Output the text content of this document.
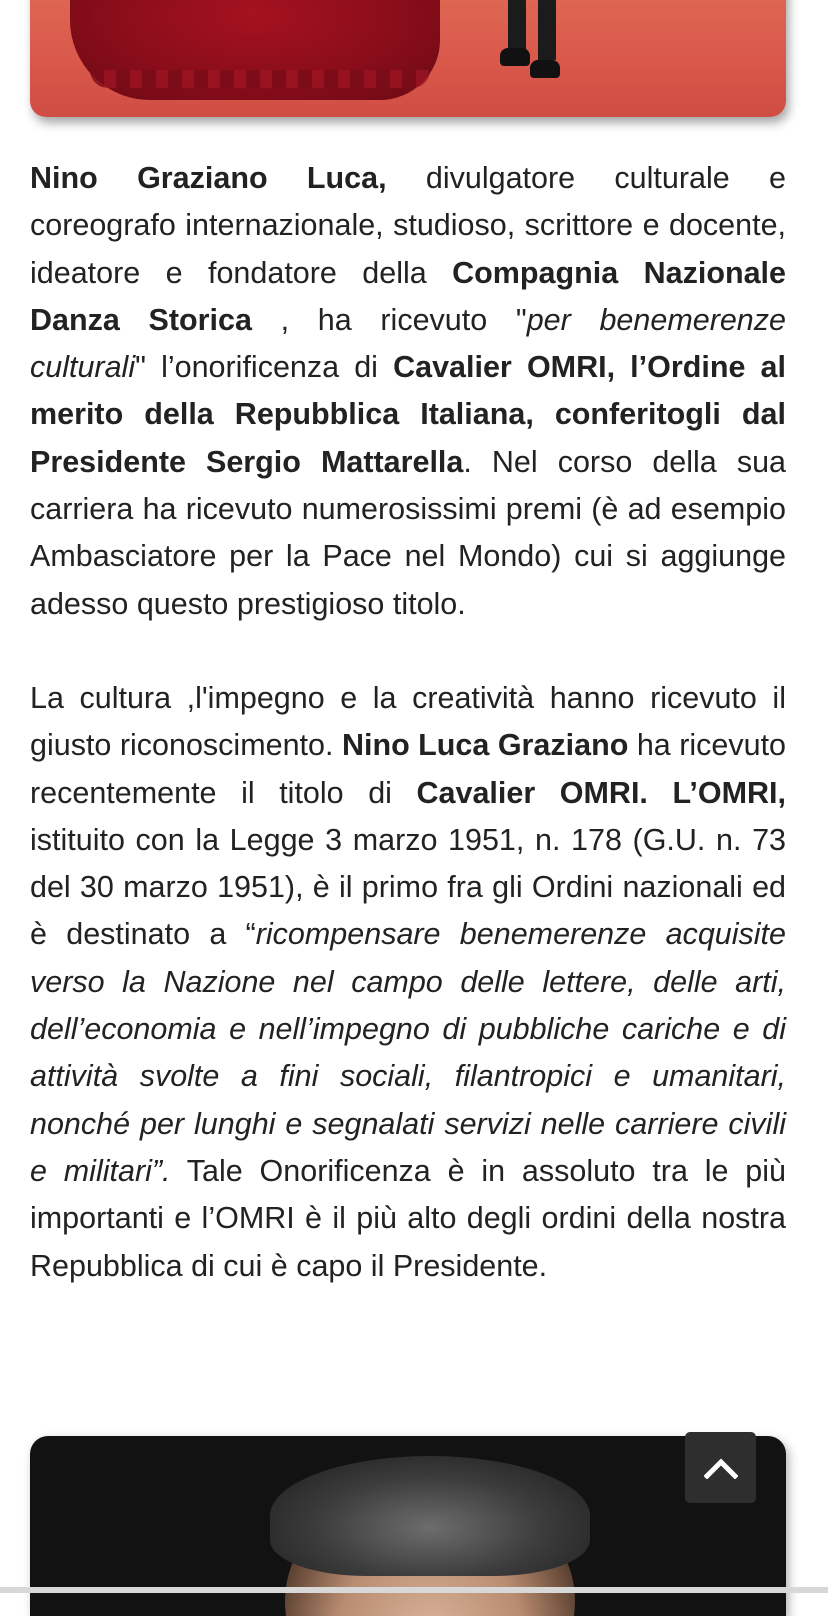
Nino Graziano Luca, divulgatore culturale e coreografo internazionale, studioso, scrittore e docente, ideatore e fondatore della Compagnia Nazionale Danza Storica , ha ricevuto "per benemerenze culturali" l’onorificenza di Cavalier OMRI, l’Ordine al merito della Repubblica Italiana, conferitogli dal Presidente Sergio Mattarella. Nel corso della sua carriera ha ricevuto numerosissimi premi (è ad esempio Ambasciatore per la Pace nel Mondo) cui si aggiunge adesso questo prestigioso titolo.

La cultura ,l'impegno e la creatività hanno ricevuto il giusto riconoscimento. Nino Luca Graziano ha ricevuto recentemente il titolo di Cavalier OMRI. L’OMRI, istituito con la Legge 3 marzo 1951, n. 178 (G.U. n. 73 del 30 marzo 1951), è il primo fra gli Ordini nazionali ed è destinato a “ricompensare benemerenze acquisite verso la Nazione nel campo delle lettere, delle arti, dell’economia e nell’impegno di pubbliche cariche e di attività svolte a fini sociali, filantropici e umanitari, nonché per lunghi e segnalati servizi nelle carriere civili e militari”. Tale Onorificenza è in assoluto tra le più importanti e l’OMRI è il più alto degli ordini della nostra Repubblica di cui è capo il Presidente.
